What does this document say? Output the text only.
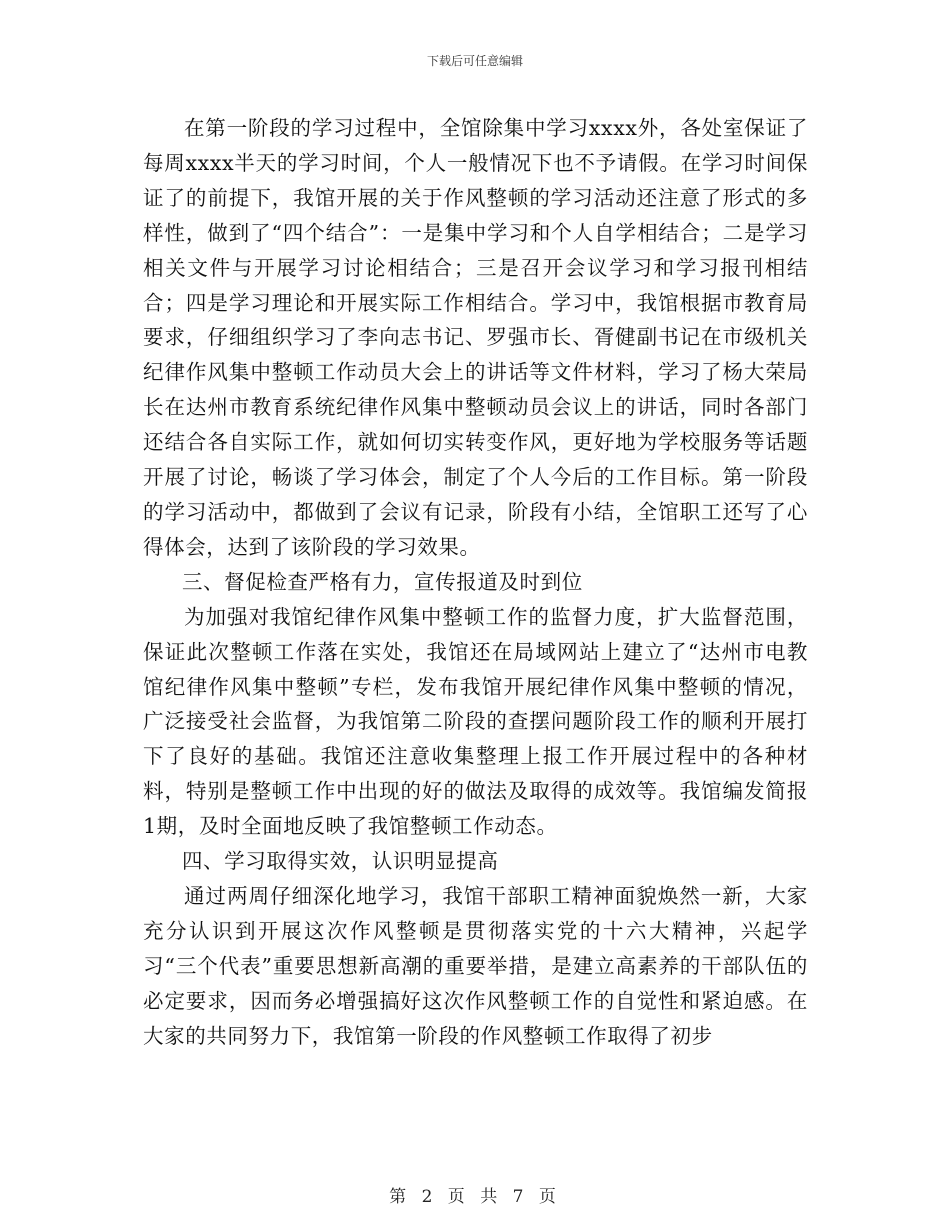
下载后可任意编辑

在第一阶段的学习过程中，全馆除集中学习xxxx外，各处室保证了每周xxxx半天的学习时间，个人一般情况下也不予请假。在学习时间保证了的前提下，我馆开展的关于作风整顿的学习活动还注意了形式的多样性，做到了“四个结合”：一是集中学习和个人自学相结合；二是学习相关文件与开展学习讨论相结合；三是召开会议学习和学习报刊相结合；四是学习理论和开展实际工作相结合。学习中，我馆根据市教育局要求，仔细组织学习了李向志书记、罗强市长、胥健副书记在市级机关纪律作风集中整顿工作动员大会上的讲话等文件材料，学习了杨大荣局长在达州市教育系统纪律作风集中整顿动员会议上的讲话，同时各部门还结合各自实际工作，就如何切实转变作风，更好地为学校服务等话题开展了讨论，畅谈了学习体会，制定了个人今后的工作目标。第一阶段的学习活动中，都做到了会议有记录，阶段有小结，全馆职工还写了心得体会，达到了该阶段的学习效果。

三、督促检查严格有力，宣传报道及时到位

为加强对我馆纪律作风集中整顿工作的监督力度，扩大监督范围，保证此次整顿工作落在实处，我馆还在局域网站上建立了“达州市电教馆纪律作风集中整顿”专栏，发布我馆开展纪律作风集中整顿的情况，广泛接受社会监督，为我馆第二阶段的查摆问题阶段工作的顺利开展打下了良好的基础。我馆还注意收集整理上报工作开展过程中的各种材料，特别是整顿工作中出现的好的做法及取得的成效等。我馆编发简报1期，及时全面地反映了我馆整顿工作动态。

四、学习取得实效，认识明显提高

通过两周仔细深化地学习，我馆干部职工精神面貌焕然一新，大家充分认识到开展这次作风整顿是贯彻落实党的十六大精神，兴起学习“三个代表”重要思想新高潮的重要举措，是建立高素养的干部队伍的必定要求，因而务必增强搞好这次作风整顿工作的自觉性和紧迫感。在大家的共同努力下，我馆第一阶段的作风整顿工作取得了初步

第 2 页 共 7 页
